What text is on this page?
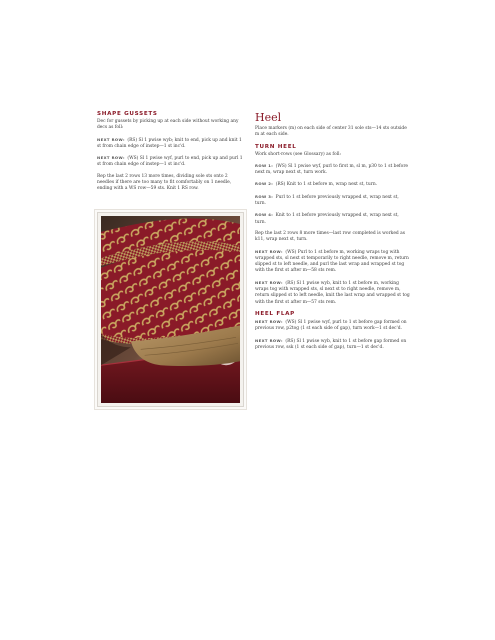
SHAPE GUSSETS

Dec for gussets by picking up at each side without working any decs as foll:

NEXT ROW: (RS) Sl 1 pwise wyb; knit to end, pick up and knit 1 st from chain edge of instep—1 st inc'd.

NEXT ROW: (WS) Sl 1 pwise wyf, purl to end, pick up and purl 1 st from chain edge of instep—1 st inc'd.

Rep the last 2 rows 13 more times, dividing sole sts onto 2 needles if there are too many to fit comfortably on 1 needle, ending with a WS row—59 sts. Knit 1 RS row.

Heel

Place markers (m) on each side of center 31 sole sts—14 sts outside m at each side.

TURN HEEL

Work short-rows (see Glossary) as foll:

ROW 1: (WS) Sl 1 pwise wyf, purl to first m, sl m, p30 to 1 st before next m, wrap next st, turn work.

ROW 2: (RS) Knit to 1 st before m, wrap next st, turn.

ROW 3: Purl to 1 st before previously wrapped st, wrap next st, turn.

ROW 4: Knit to 1 st before previously wrapped st, wrap next st, turn.

Rep the last 2 rows 8 more times—last row completed is worked as k11, wrap next st, turn.

NEXT ROW: (WS) Purl to 1 st before m, working wraps tog with wrapped sts, sl next st temporarily to right needle, remove m, return slipped st to left needle, and purl the last wrap and wrapped st tog with the first st after m—58 sts rem.

NEXT ROW: (RS) Sl 1 pwise wyb, knit to 1 st before m, working wraps tog with wrapped sts, sl next st to right needle, remove m, return slipped st to left needle, knit the last wrap and wrapped st tog with the first st after m—57 sts rem.

HEEL FLAP

NEXT ROW: (WS) Sl 1 pwise wyf, purl to 1 st before gap formed on previous row, p2tog (1 st each side of gap), turn work—1 st dec'd.

NEXT ROW: (RS) Sl 1 pwise wyb, knit to 1 st before gap formed on previous row, ssk (1 st each side of gap), turn—1 st dec'd.
